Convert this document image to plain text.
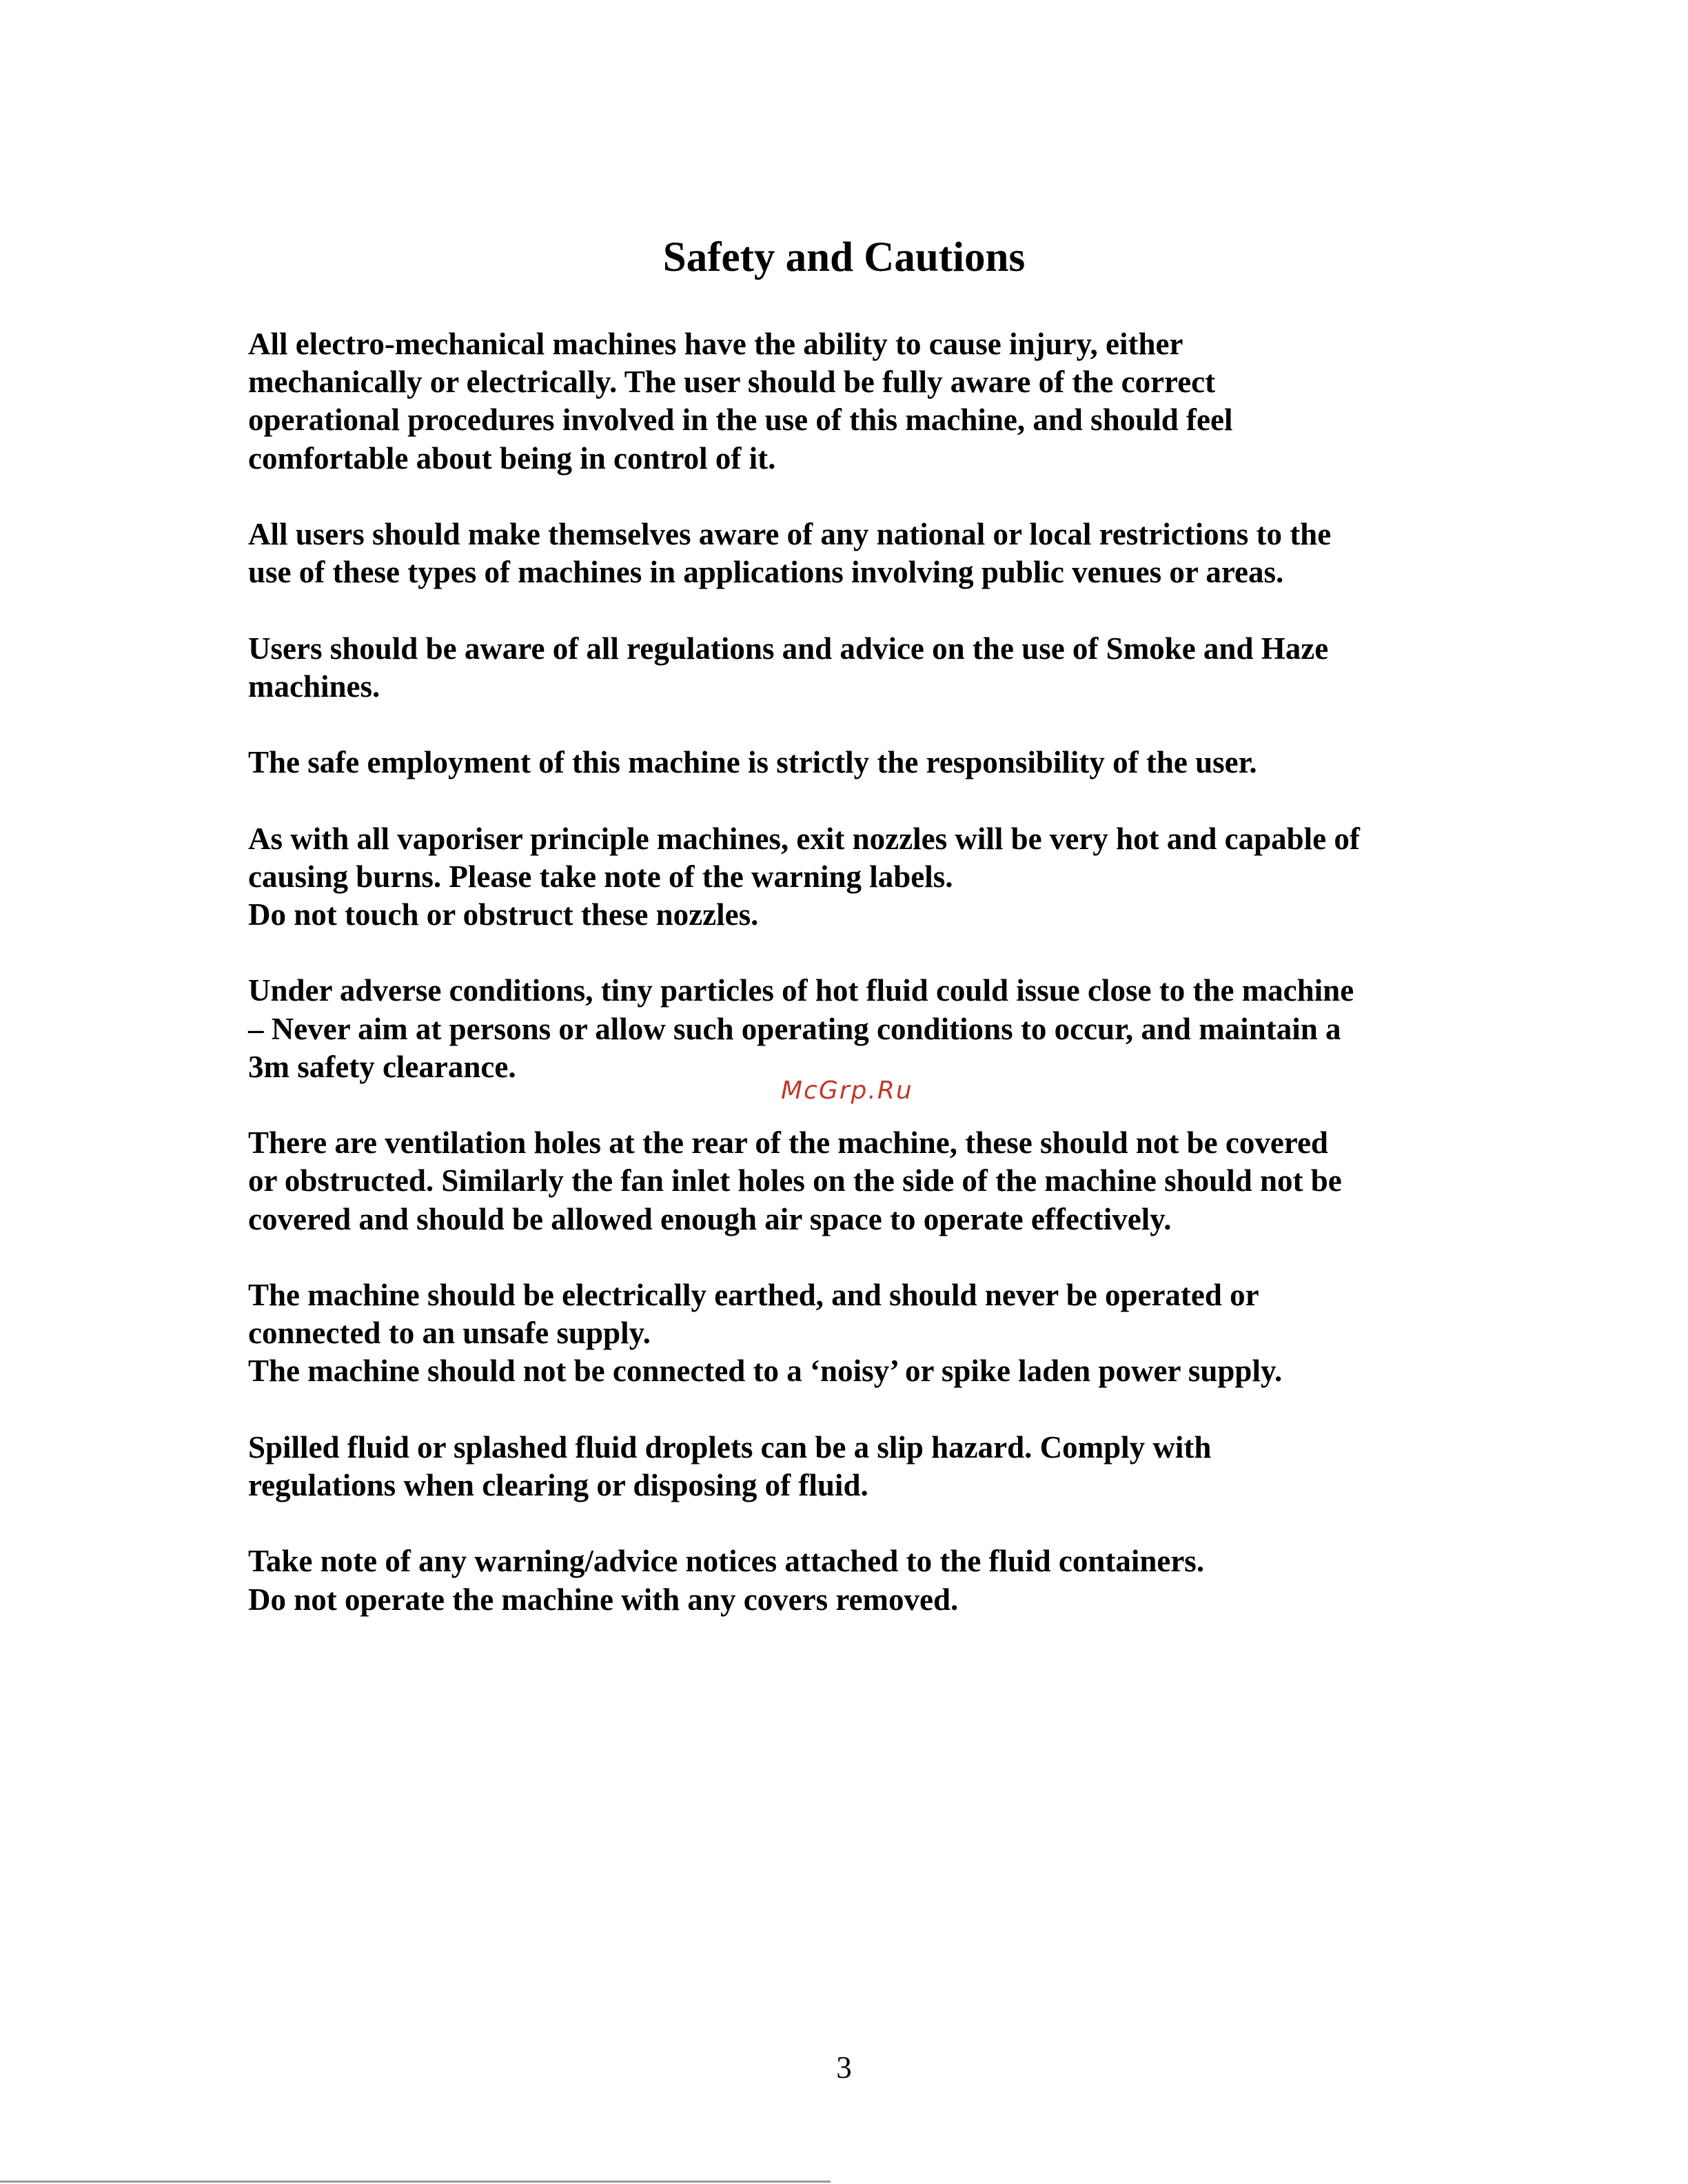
Safety and Cautions

All electro-mechanical machines have the ability to cause injury, either
mechanically or electrically. The user should be fully aware of the correct
operational procedures involved in the use of this machine, and should feel
comfortable about being in control of it.

All users should make themselves aware of any national or local restrictions to the
use of these types of machines in applications involving public venues or areas.

Users should be aware of all regulations and advice on the use of Smoke and Haze
machines.

The safe employment of this machine is strictly the responsibility of the user.

As with all vaporiser principle machines, exit nozzles will be very hot and capable of
causing burns. Please take note of the warning labels.
Do not touch or obstruct these nozzles.

Under adverse conditions, tiny particles of hot fluid could issue close to the machine
– Never aim at persons or allow such operating conditions to occur, and maintain a
3m safety clearance.

There are ventilation holes at the rear of the machine, these should not be covered
or obstructed. Similarly the fan inlet holes on the side of the machine should not be
covered and should be allowed enough air space to operate effectively.

The machine should be electrically earthed, and should never be operated or
connected to an unsafe supply.
The machine should not be connected to a ‘noisy’ or spike laden power supply.

Spilled fluid or splashed fluid droplets can be a slip hazard. Comply with
regulations when clearing or disposing of fluid.

Take note of any warning/advice notices attached to the fluid containers.
Do not operate the machine with any covers removed.

McGrp.Ru
3
